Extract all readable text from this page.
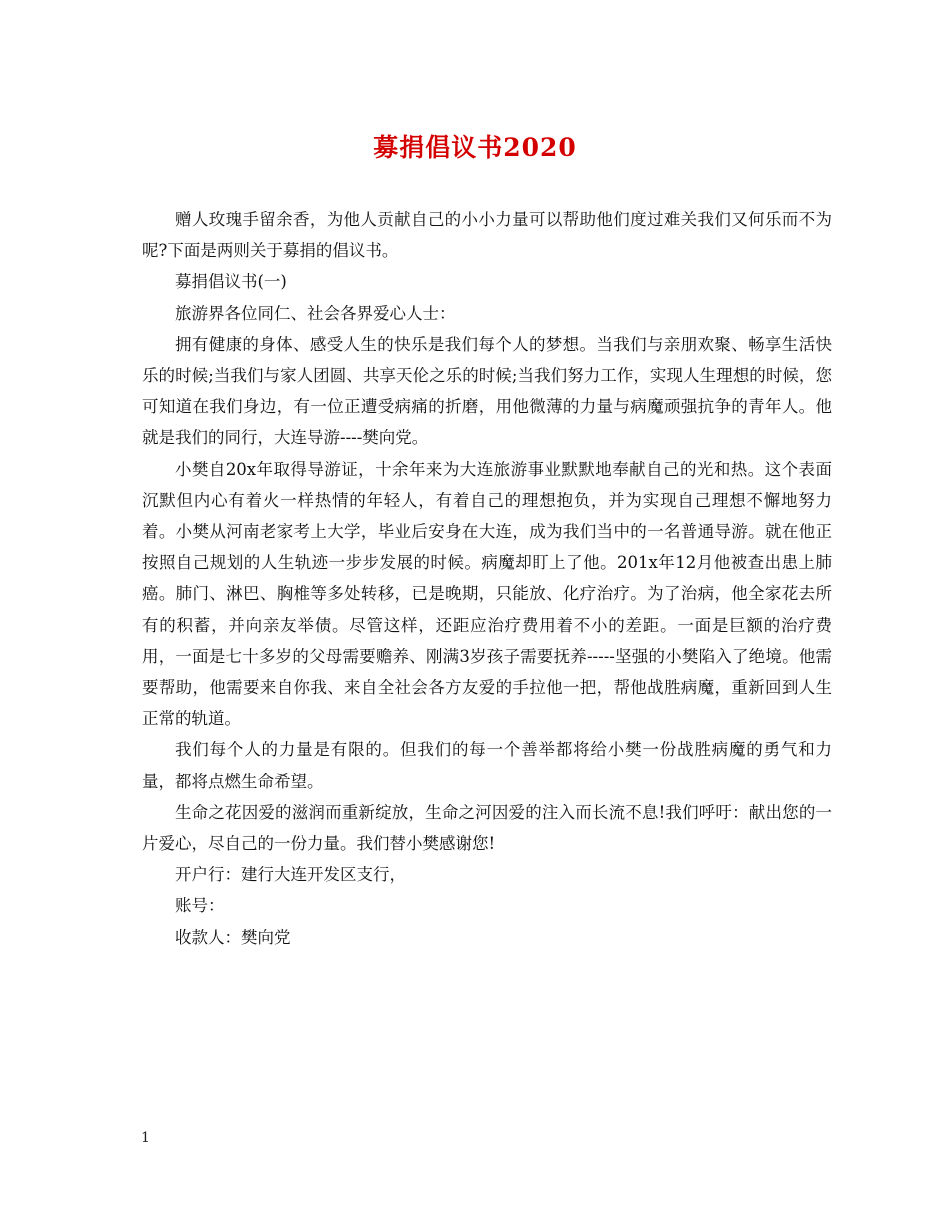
募捐倡议书2020

赠人玫瑰手留余香，为他人贡献自己的小小力量可以帮助他们度过难关我们又何乐而不为呢?下面是两则关于募捐的倡议书。

募捐倡议书(一)

旅游界各位同仁、社会各界爱心人士：

拥有健康的身体、感受人生的快乐是我们每个人的梦想。当我们与亲朋欢聚、畅享生活快乐的时候;当我们与家人团圆、共享天伦之乐的时候;当我们努力工作，实现人生理想的时候，您可知道在我们身边，有一位正遭受病痛的折磨，用他微薄的力量与病魔顽强抗争的青年人。他就是我们的同行，大连导游----樊向党。

小樊自20x年取得导游证，十余年来为大连旅游事业默默地奉献自己的光和热。这个表面沉默但内心有着火一样热情的年轻人，有着自己的理想抱负，并为实现自己理想不懈地努力着。小樊从河南老家考上大学，毕业后安身在大连，成为我们当中的一名普通导游。就在他正按照自己规划的人生轨迹一步步发展的时候。病魔却盯上了他。201x年12月他被查出患上肺癌。肺门、淋巴、胸椎等多处转移，已是晚期，只能放、化疗治疗。为了治病，他全家花去所有的积蓄，并向亲友举债。尽管这样，还距应治疗费用着不小的差距。一面是巨额的治疗费用，一面是七十多岁的父母需要赡养、刚满3岁孩子需要抚养-----坚强的小樊陷入了绝境。他需要帮助，他需要来自你我、来自全社会各方友爱的手拉他一把，帮他战胜病魔，重新回到人生正常的轨道。

我们每个人的力量是有限的。但我们的每一个善举都将给小樊一份战胜病魔的勇气和力量，都将点燃生命希望。

生命之花因爱的滋润而重新绽放，生命之河因爱的注入而长流不息!我们呼吁：献出您的一片爱心，尽自己的一份力量。我们替小樊感谢您!

开户行：建行大连开发区支行，

账号：

收款人：樊向党

1
